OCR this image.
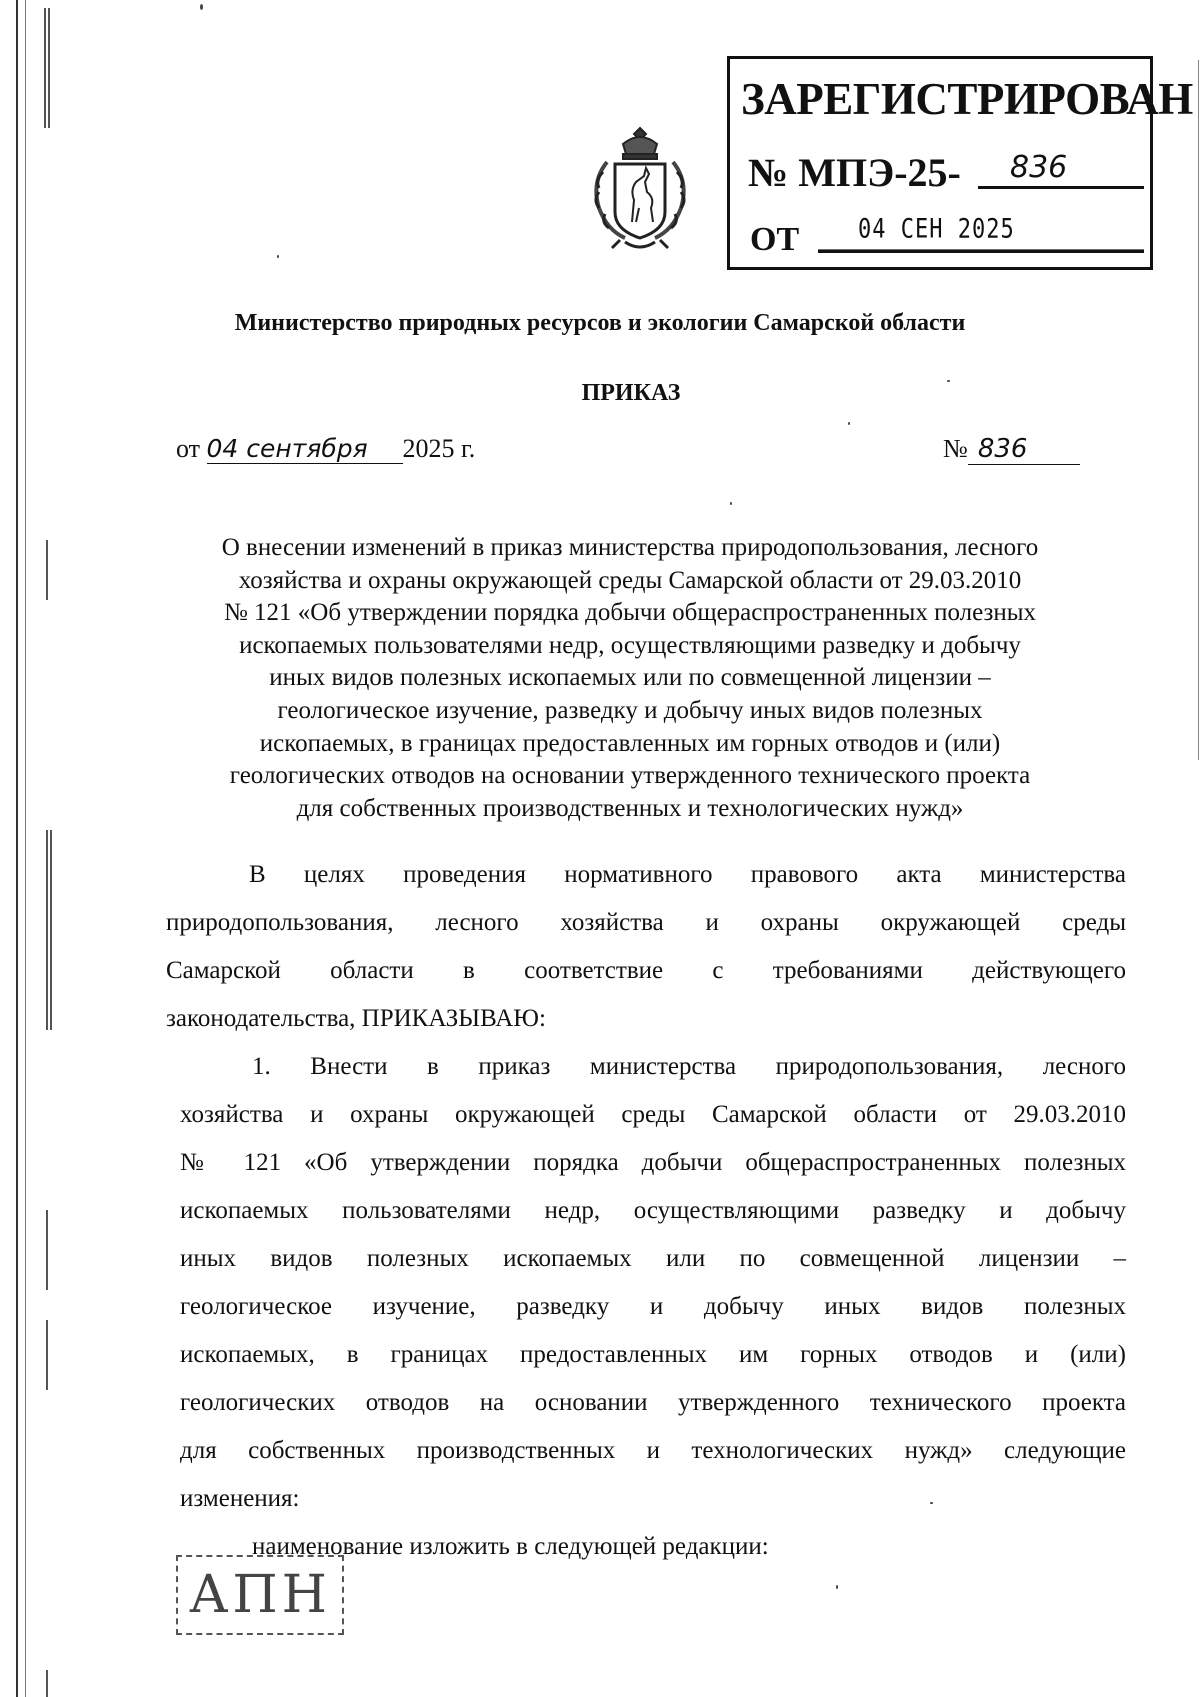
ЗАРЕГИСТРИРОВАН
№ МПЭ-25-	836
ОТ	04 СЕН 2025
Министерство природных ресурсов и экологии Самарской области
ПРИКАЗ
от 04 сентября 2025 г.	№ 836
О внесении изменений в приказ министерства природопользования, лесного
хозяйства и охраны окружающей среды Самарской области от 29.03.2010
№ 121 «Об утверждении порядка добычи общераспространенных полезных
ископаемых пользователями недр, осуществляющими разведку и добычу
иных видов полезных ископаемых или по совмещенной лицензии –
геологическое изучение, разведку и добычу иных видов полезных
ископаемых, в границах предоставленных им горных отводов и (или)
геологических отводов на основании утвержденного технического проекта
для собственных производственных и технологических нужд»
В целях проведения нормативного правового акта министерства
природопользования, лесного хозяйства и охраны окружающей среды
Самарской области в соответствие с требованиями действующего
законодательства, ПРИКАЗЫВАЮ:
1. Внести в приказ министерства природопользования, лесного
хозяйства и охраны окружающей среды Самарской области от 29.03.2010
№ 121 «Об утверждении порядка добычи общераспространенных полезных
ископаемых пользователями недр, осуществляющими разведку и добычу
иных видов полезных ископаемых или по совмещенной лицензии –
геологическое изучение, разведку и добычу иных видов полезных
ископаемых, в границах предоставленных им горных отводов и (или)
геологических отводов на основании утвержденного технического проекта
для собственных производственных и технологических нужд» следующие
изменения:
наименование изложить в следующей редакции:
АПН
